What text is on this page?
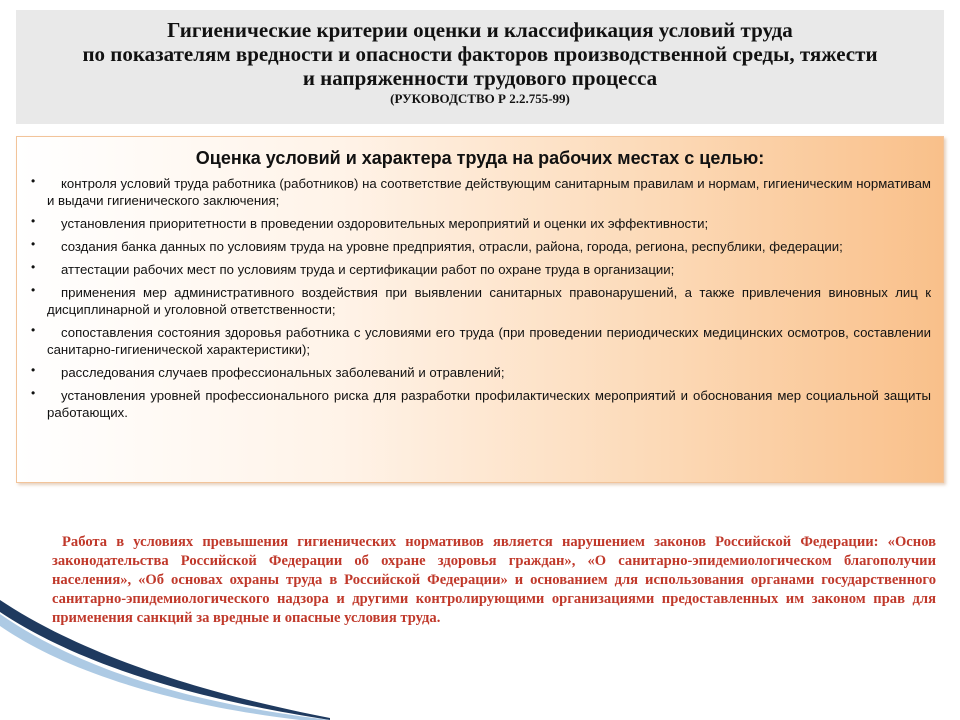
Гигиенические критерии оценки и классификация условий труда
по показателям вредности и опасности факторов производственной среды, тяжести
и напряженности трудового процесса
(РУКОВОДСТВО Р 2.2.755-99)
Оценка условий и характера труда на рабочих местах с целью:
•	контроля условий труда работника (работников) на соответствие действующим санитарным правилам и нормам, гигиеническим нормативам и выдачи гигиенического заключения;
•	установления приоритетности в проведении оздоровительных мероприятий и оценки их эффективности;
•	создания банка данных по условиям труда на уровне предприятия, отрасли, района, города, региона, республики, федерации;
•	аттестации рабочих мест по условиям труда и сертификации работ по охране труда в организации;
•	применения мер административного воздействия при выявлении санитарных правонарушений, а также привлечения виновных лиц к дисциплинарной и уголовной ответственности;
•	сопоставления состояния здоровья работника с условиями его труда (при проведении периодических медицинских осмотров, составлении санитарно-гигиенической характеристики);
•	расследования случаев профессиональных заболеваний и отравлений;
•	установления уровней профессионального риска для разработки профилактических мероприятий и обоснования мер социальной защиты работающих.
Работа в условиях превышения гигиенических нормативов является нарушением законов Российской Федерации: «Основ законодательства Российской Федерации об охране здоровья граждан», «О санитарно-эпидемиологическом благополучии населения», «Об основах охраны труда в Российской Федерации» и основанием для использования органами государственного санитарно-эпидемиологического надзора и другими контролирующими организациями предоставленных им законом прав для применения санкций за вредные и опасные условия труда.
